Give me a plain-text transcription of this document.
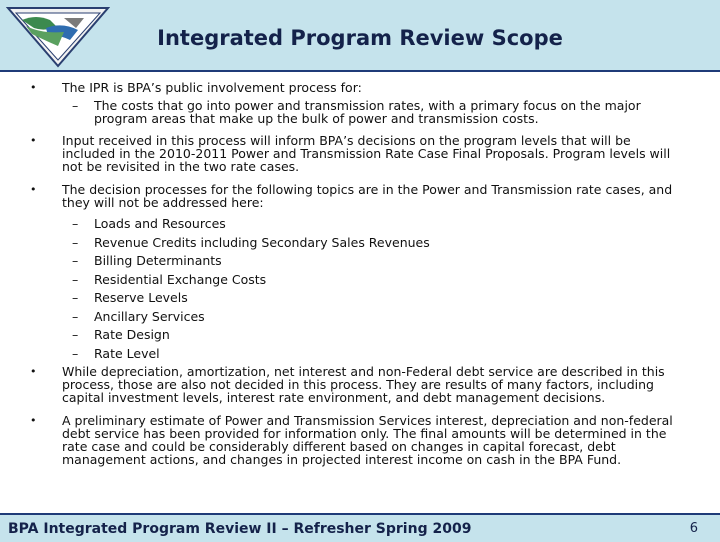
Integrated Program Review Scope

• The IPR is BPA’s public involvement process for:

– The costs that go into power and transmission rates, with a primary focus on the major program areas that make up the bulk of power and transmission costs.

• Input received in this process will inform BPA’s decisions on the program levels that will be included in the 2010-2011 Power and Transmission Rate Case Final Proposals. Program levels will not be revisited in the two rate cases.

• The decision processes for the following topics are in the Power and Transmission rate cases, and they will not be addressed here:

– Loads and Resources

– Revenue Credits including Secondary Sales Revenues

– Billing Determinants

– Residential Exchange Costs

– Reserve Levels

– Ancillary Services

– Rate Design

– Rate Level

• While depreciation, amortization, net interest and non-Federal debt service are described in this process, those are also not decided in this process. They are results of many factors, including capital investment levels, interest rate environment, and debt management decisions.

• A preliminary estimate of Power and Transmission Services interest, depreciation and non-federal debt service has been provided for information only. The final amounts will be determined in the rate case and could be considerably different based on changes in capital forecast, debt management actions, and changes in projected interest income on cash in the BPA Fund.

BPA Integrated Program Review II – Refresher Spring 2009	6
